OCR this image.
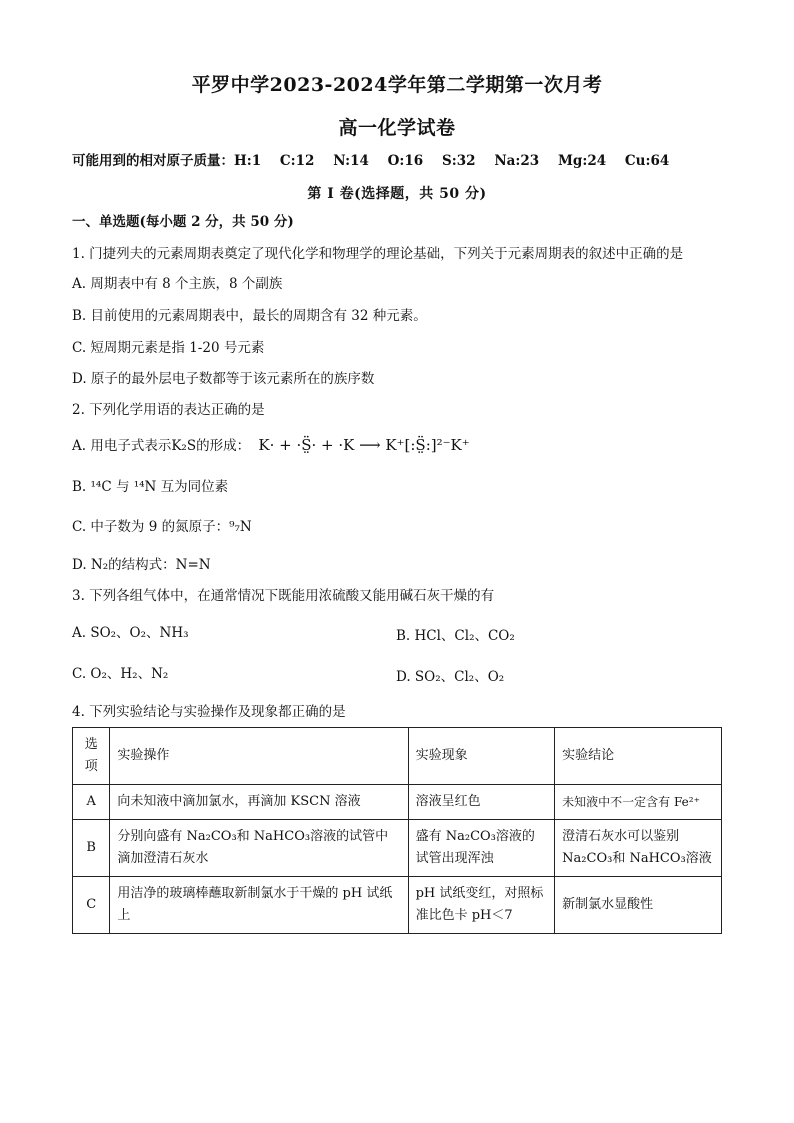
平罗中学2023-2024学年第二学期第一次月考
高一化学试卷
可能用到的相对原子质量：H:1    C:12    N:14    O:16    S:32    Na:23    Mg:24    Cu:64
第 I 卷(选择题，共 50 分)
一、单选题(每小题 2 分，共 50 分)
1. 门捷列夫的元素周期表奠定了现代化学和物理学的理论基础，下列关于元素周期表的叙述中正确的是
A. 周期表中有 8 个主族，8 个副族
B. 目前使用的元素周期表中，最长的周期含有 32 种元素。
C. 短周期元素是指 1-20 号元素
D. 原子的最外层电子数都等于该元素所在的族序数
2. 下列化学用语的表达正确的是
A. 用电子式表示K₂S的形成： K· + ·S̤̈· + ·K ⟶ K⁺[:S̤̈:]²⁻K⁺
B. ¹⁴C 与 ¹⁴N 互为同位素
C. 中子数为 9 的氮原子：⁹₇N
D. N₂的结构式：N=N
3. 下列各组气体中，在通常情况下既能用浓硫酸又能用碱石灰干燥的有
A. SO₂、O₂、NH₃	B. HCl、Cl₂、CO₂
C. O₂、H₂、N₂	D. SO₂、Cl₂、O₂
4. 下列实验结论与实验操作及现象都正确的是
选项	实验操作	实验现象	实验结论
A	向未知液中滴加氯水，再滴加 KSCN 溶液	溶液呈红色	未知液中不一定含有 Fe²⁺
B	分别向盛有 Na₂CO₃和 NaHCO₃溶液的试管中滴加澄清石灰水	盛有 Na₂CO₃溶液的试管出现浑浊	澄清石灰水可以鉴别 Na₂CO₃和 NaHCO₃溶液
C	用洁净的玻璃棒蘸取新制氯水于干燥的 pH 试纸上	pH 试纸变红，对照标准比色卡 pH＜7	新制氯水显酸性
